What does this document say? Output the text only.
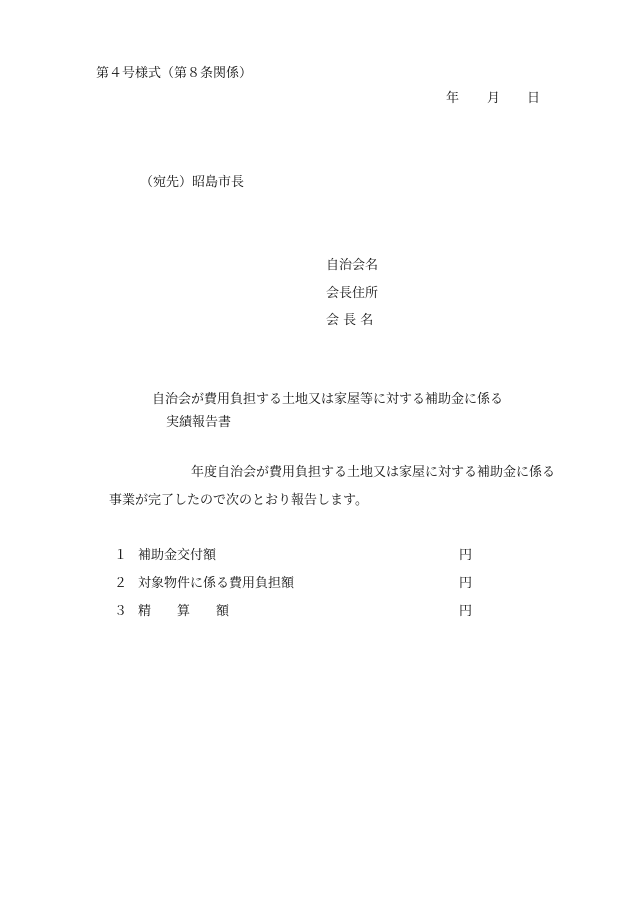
第４号様式（第８条関係）
年 月 日
（宛先）昭島市長
自治会名
会長住所
会 長 名
自治会が費用負担する土地又は家屋等に対する補助金に係る
実績報告書
年度自治会が費用負担する土地又は家屋に対する補助金に係る
事業が完了したので次のとおり報告します。
１ 補助金交付額	円
２ 対象物件に係る費用負担額	円
３ 精　　算　　額	円
